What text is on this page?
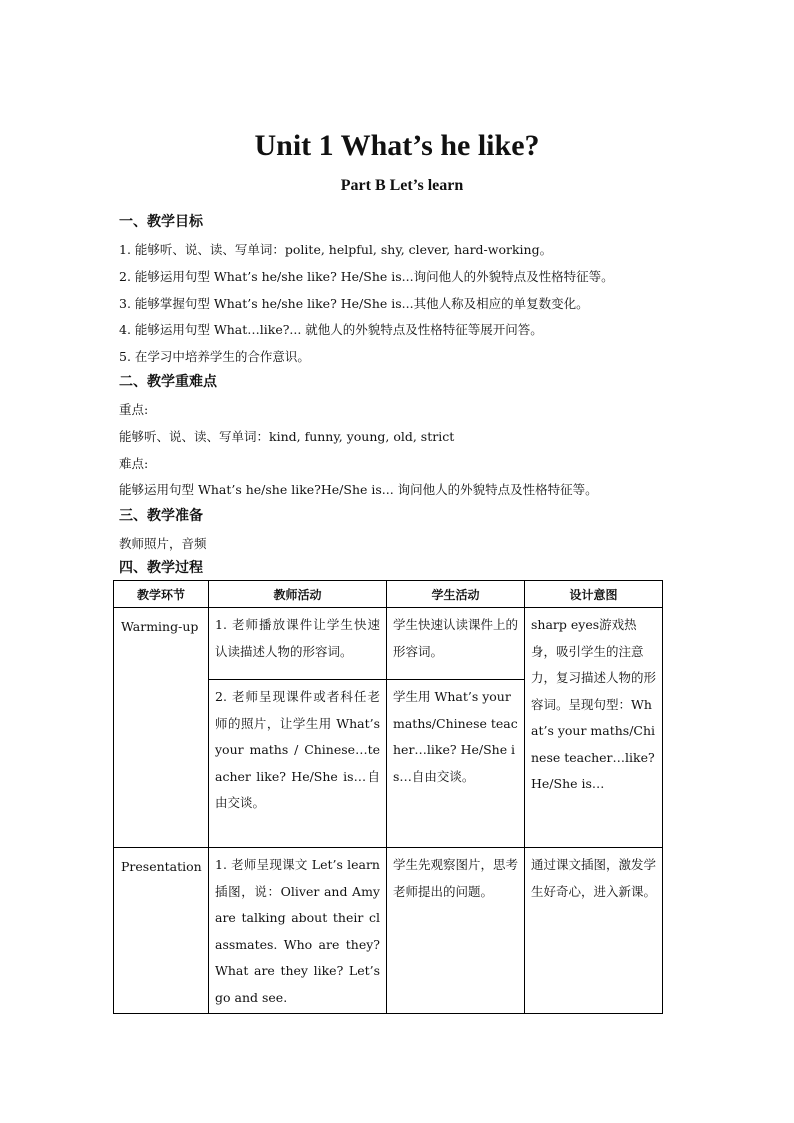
Unit 1 What’s he like?
Part B Let’s learn
一、教学目标
1. 能够听、说、读、写单词：polite, helpful, shy, clever, hard-working。
2. 能够运用句型 What’s he/she like? He/She is...询问他人的外貌特点及性格特征等。
3. 能够掌握句型 What’s he/she like? He/She is...其他人称及相应的单复数变化。
4. 能够运用句型 What…like?... 就他人的外貌特点及性格特征等展开问答。
5. 在学习中培养学生的合作意识。
二、教学重难点
重点:
能够听、说、读、写单词：kind, funny, young, old, strict
难点:
能够运用句型 What’s he/she like?He/She is... 询问他人的外貌特点及性格特征等。
三、教学准备
教师照片，音频
四、教学过程
教学环节	教师活动	学生活动	设计意图

Warming-up	1. 老师播放课件让学生快速认读描述人物的形容词。	学生快速认读课件上的形容词。	sharp eyes游戏热身，吸引学生的注意力，复习描述人物的形容词。呈现句型：What’s your maths/Chinese teacher…like? He/She is…

	2. 老师呈现课件或者科任老师的照片，让学生用 What’s your maths / Chinese…teacher like? He/She is…自由交谈。	学生用 What’s your maths/Chinese teacher…like? He/She is…自由交谈。	

Presentation	1. 老师呈现课文 Let’s learn 插图，说：Oliver and Amy are talking about their classmates. Who are they? What are they like? Let’s go and see.	学生先观察图片，思考老师提出的问题。	通过课文插图，激发学生好奇心，进入新课。
